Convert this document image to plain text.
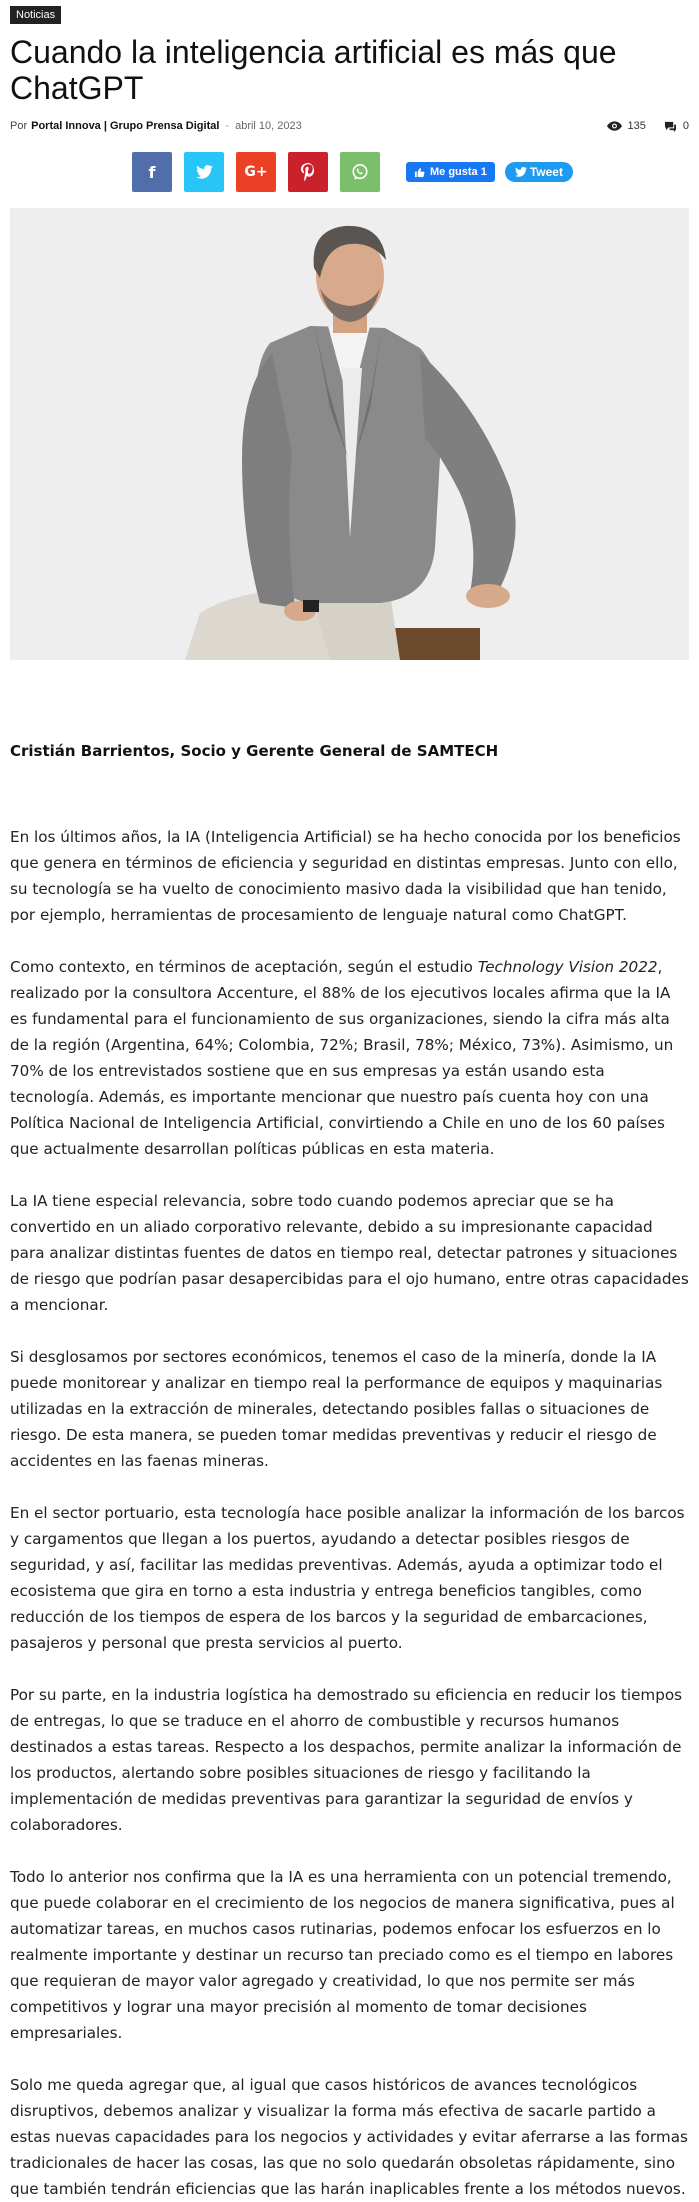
Noticias
Cuando la inteligencia artificial es más que ChatGPT
Por Portal Innova | Grupo Prensa Digital - abril 10, 2023	135	0
f	G+	Me gusta 1	Tweet

Cristián Barrientos, Socio y Gerente General de SAMTECH

En los últimos años, la IA (Inteligencia Artificial) se ha hecho conocida por los beneficios que genera en términos de eficiencia y seguridad en distintas empresas. Junto con ello, su tecnología se ha vuelto de conocimiento masivo dada la visibilidad que han tenido, por ejemplo, herramientas de procesamiento de lenguaje natural como ChatGPT.

Como contexto, en términos de aceptación, según el estudio Technology Vision 2022, realizado por la consultora Accenture, el 88% de los ejecutivos locales afirma que la IA es fundamental para el funcionamiento de sus organizaciones, siendo la cifra más alta de la región (Argentina, 64%; Colombia, 72%; Brasil, 78%; México, 73%). Asimismo, un 70% de los entrevistados sostiene que en sus empresas ya están usando esta tecnología. Además, es importante mencionar que nuestro país cuenta hoy con una Política Nacional de Inteligencia Artificial, convirtiendo a Chile en uno de los 60 países que actualmente desarrollan políticas públicas en esta materia.

La IA tiene especial relevancia, sobre todo cuando podemos apreciar que se ha convertido en un aliado corporativo relevante, debido a su impresionante capacidad para analizar distintas fuentes de datos en tiempo real, detectar patrones y situaciones de riesgo que podrían pasar desapercibidas para el ojo humano, entre otras capacidades a mencionar.

Si desglosamos por sectores económicos, tenemos el caso de la minería, donde la IA puede monitorear y analizar en tiempo real la performance de equipos y maquinarias utilizadas en la extracción de minerales, detectando posibles fallas o situaciones de riesgo. De esta manera, se pueden tomar medidas preventivas y reducir el riesgo de accidentes en las faenas mineras.

En el sector portuario, esta tecnología hace posible analizar la información de los barcos y cargamentos que llegan a los puertos, ayudando a detectar posibles riesgos de seguridad, y así, facilitar las medidas preventivas. Además, ayuda a optimizar todo el ecosistema que gira en torno a esta industria y entrega beneficios tangibles, como reducción de los tiempos de espera de los barcos y la seguridad de embarcaciones, pasajeros y personal que presta servicios al puerto.

Por su parte, en la industria logística ha demostrado su eficiencia en reducir los tiempos de entregas, lo que se traduce en el ahorro de combustible y recursos humanos destinados a estas tareas. Respecto a los despachos, permite analizar la información de los productos, alertando sobre posibles situaciones de riesgo y facilitando la implementación de medidas preventivas para garantizar la seguridad de envíos y colaboradores.

Todo lo anterior nos confirma que la IA es una herramienta con un potencial tremendo, que puede colaborar en el crecimiento de los negocios de manera significativa, pues al automatizar tareas, en muchos casos rutinarias, podemos enfocar los esfuerzos en lo realmente importante y destinar un recurso tan preciado como es el tiempo en labores que requieran de mayor valor agregado y creatividad, lo que nos permite ser más competitivos y lograr una mayor precisión al momento de tomar decisiones empresariales.

Solo me queda agregar que, al igual que casos históricos de avances tecnológicos disruptivos, debemos analizar y visualizar la forma más efectiva de sacarle partido a estas nuevas capacidades para los negocios y actividades y evitar aferrarse a las formas tradicionales de hacer las cosas, las que no solo quedarán obsoletas rápidamente, sino que también tendrán eficiencias que las harán inaplicables frente a los métodos nuevos.
